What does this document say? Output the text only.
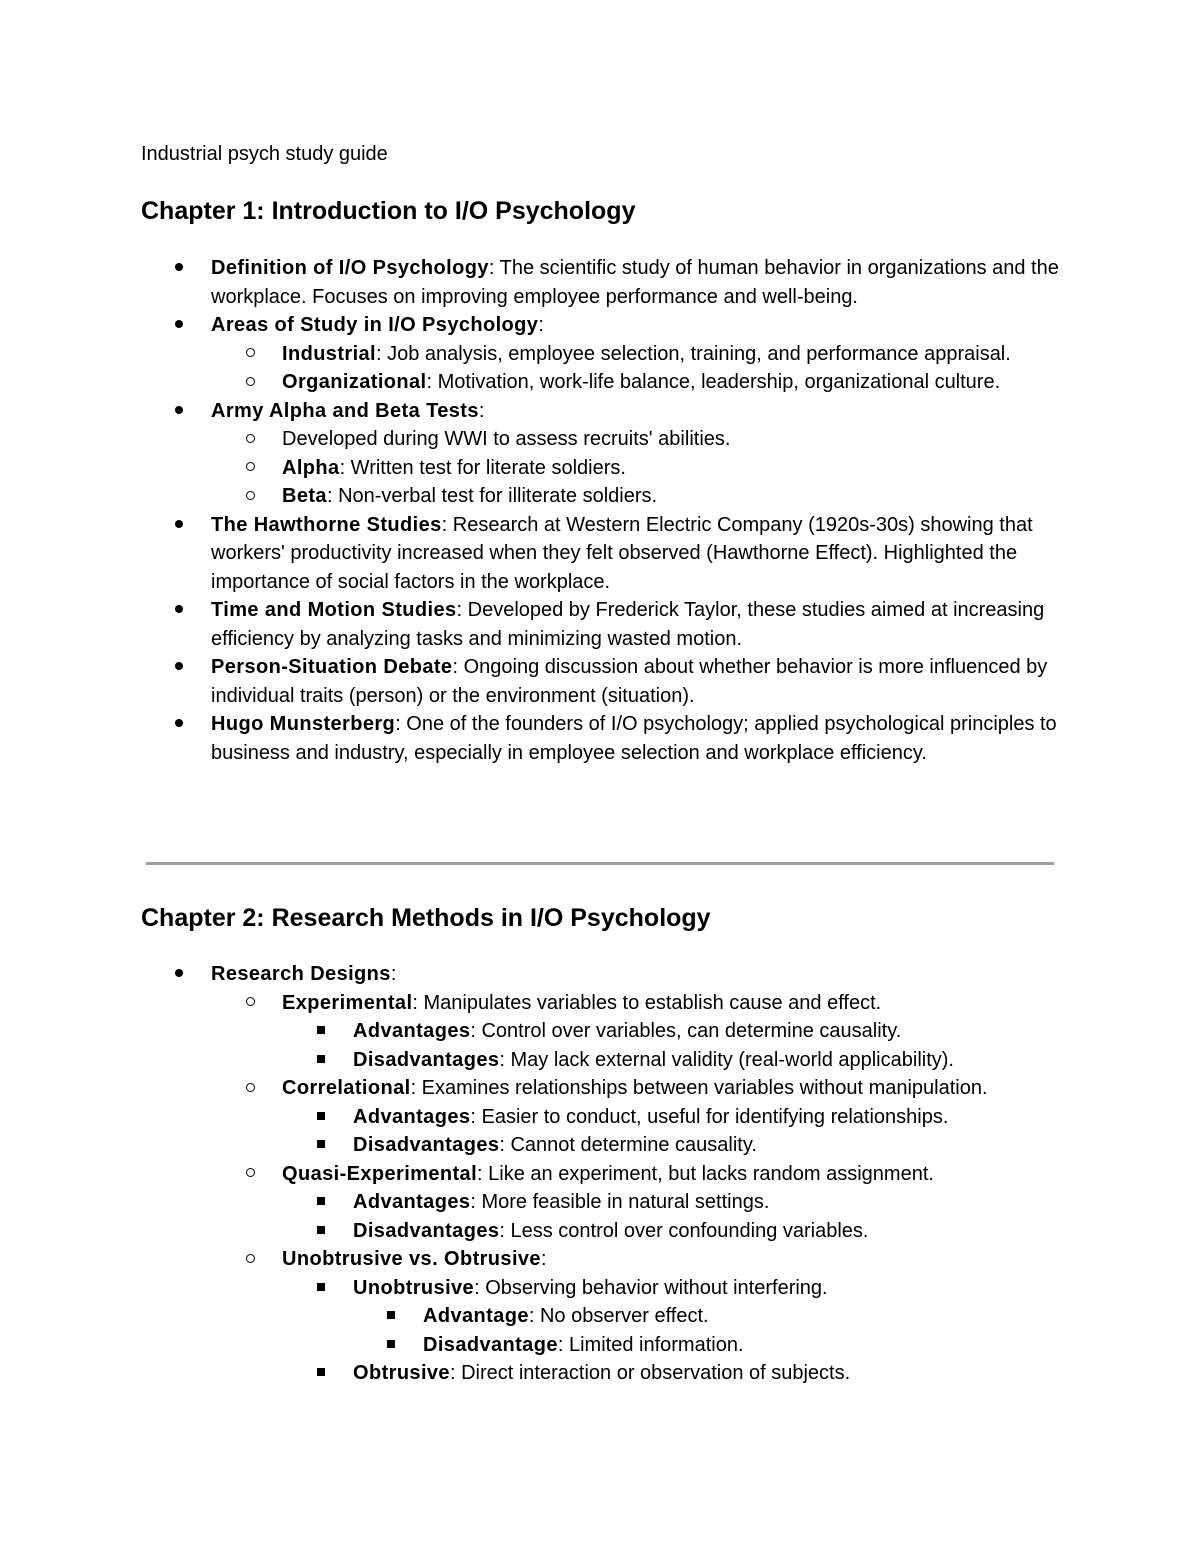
Industrial psych study guide
Chapter 1: Introduction to I/O Psychology
Definition of I/O Psychology: The scientific study of human behavior in organizations and the workplace. Focuses on improving employee performance and well-being.
Areas of Study in I/O Psychology:
Industrial: Job analysis, employee selection, training, and performance appraisal.
Organizational: Motivation, work-life balance, leadership, organizational culture.
Army Alpha and Beta Tests:
Developed during WWI to assess recruits' abilities.
Alpha: Written test for literate soldiers.
Beta: Non-verbal test for illiterate soldiers.
The Hawthorne Studies: Research at Western Electric Company (1920s-30s) showing that workers' productivity increased when they felt observed (Hawthorne Effect). Highlighted the importance of social factors in the workplace.
Time and Motion Studies: Developed by Frederick Taylor, these studies aimed at increasing efficiency by analyzing tasks and minimizing wasted motion.
Person-Situation Debate: Ongoing discussion about whether behavior is more influenced by individual traits (person) or the environment (situation).
Hugo Munsterberg: One of the founders of I/O psychology; applied psychological principles to business and industry, especially in employee selection and workplace efficiency.
Chapter 2: Research Methods in I/O Psychology
Research Designs:
Experimental: Manipulates variables to establish cause and effect.
Advantages: Control over variables, can determine causality.
Disadvantages: May lack external validity (real-world applicability).
Correlational: Examines relationships between variables without manipulation.
Advantages: Easier to conduct, useful for identifying relationships.
Disadvantages: Cannot determine causality.
Quasi-Experimental: Like an experiment, but lacks random assignment.
Advantages: More feasible in natural settings.
Disadvantages: Less control over confounding variables.
Unobtrusive vs. Obtrusive:
Unobtrusive: Observing behavior without interfering.
Advantage: No observer effect.
Disadvantage: Limited information.
Obtrusive: Direct interaction or observation of subjects.
